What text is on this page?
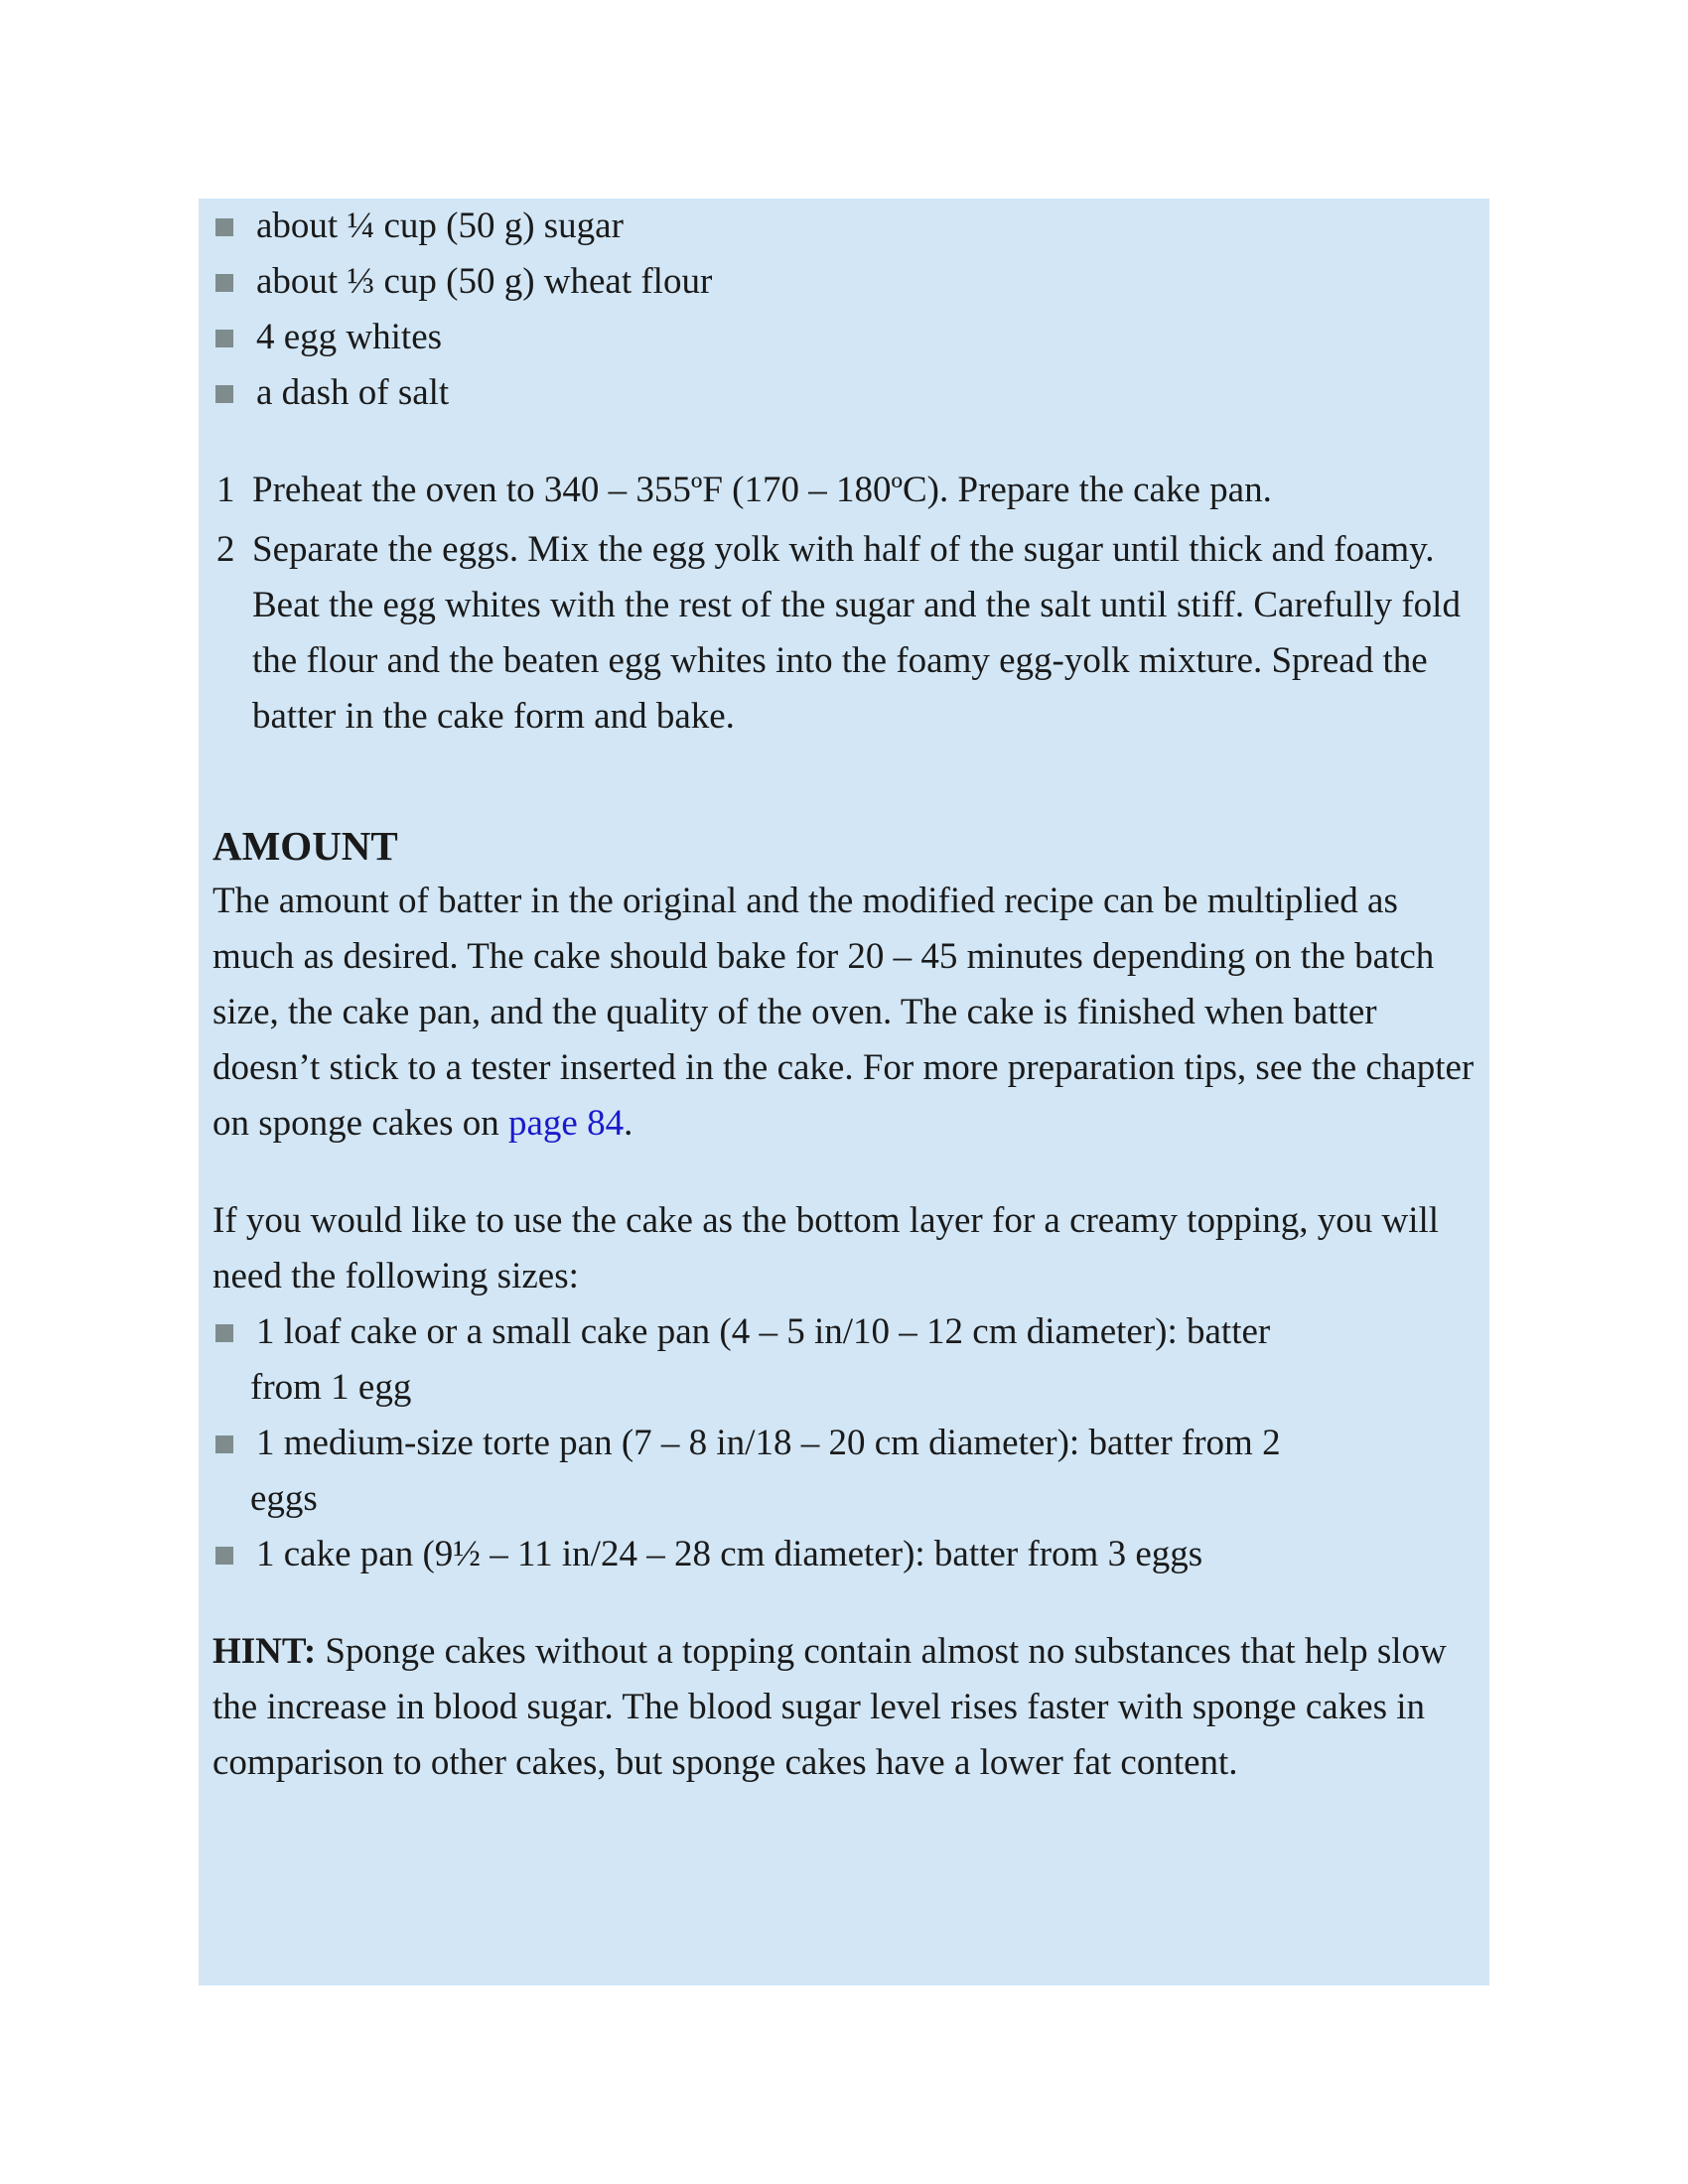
about ¼ cup (50 g) sugar
about ⅓ cup (50 g) wheat flour
4 egg whites
a dash of salt
1 Preheat the oven to 340 – 355ºF (170 – 180ºC). Prepare the cake pan.
2 Separate the eggs. Mix the egg yolk with half of the sugar until thick and foamy. Beat the egg whites with the rest of the sugar and the salt until stiff. Carefully fold the flour and the beaten egg whites into the foamy egg-yolk mixture. Spread the batter in the cake form and bake.
AMOUNT

The amount of batter in the original and the modified recipe can be multiplied as much as desired. The cake should bake for 20 – 45 minutes depending on the batch size, the cake pan, and the quality of the oven. The cake is finished when batter doesn’t stick to a tester inserted in the cake. For more preparation tips, see the chapter on sponge cakes on page 84.

If you would like to use the cake as the bottom layer for a creamy topping, you will need the following sizes:

1 loaf cake or a small cake pan (4 – 5 in/10 – 12 cm diameter): batter
from 1 egg
1 medium-size torte pan (7 – 8 in/18 – 20 cm diameter): batter from 2
eggs
1 cake pan (9½ – 11 in/24 – 28 cm diameter): batter from 3 eggs

HINT: Sponge cakes without a topping contain almost no substances that help slow the increase in blood sugar. The blood sugar level rises faster with sponge cakes in comparison to other cakes, but sponge cakes have a lower fat content.
